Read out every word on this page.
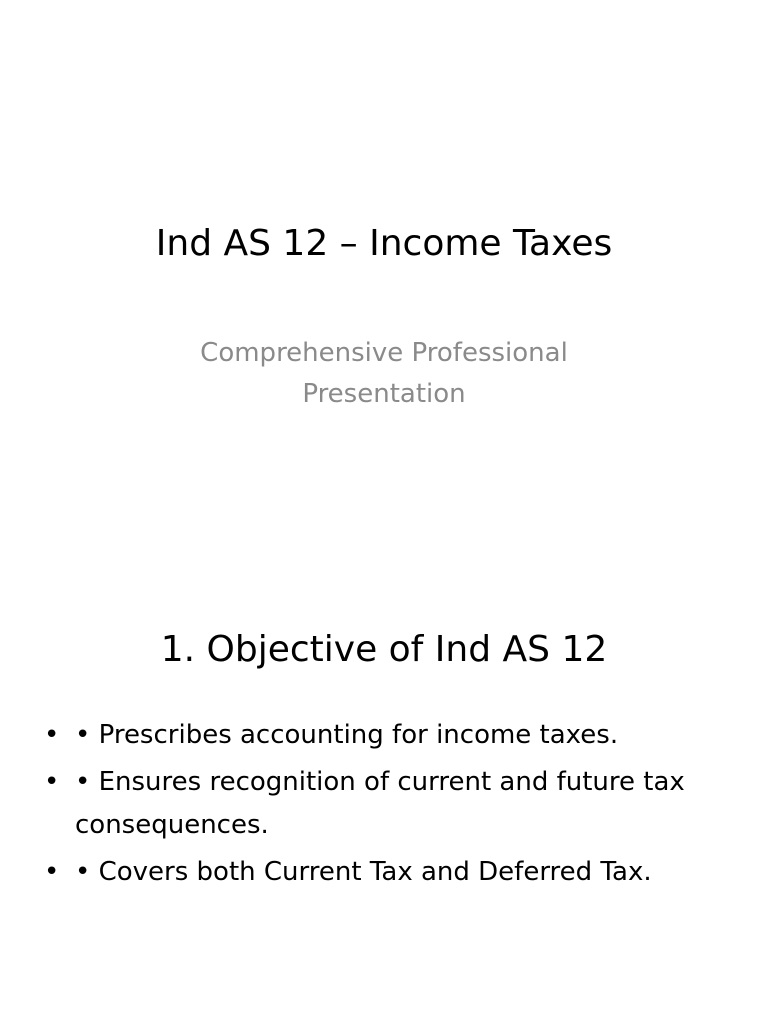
Ind AS 12 – Income Taxes
Comprehensive Professional
Presentation
1. Objective of Ind AS 12
• • Prescribes accounting for income taxes.
• • Ensures recognition of current and future tax consequences.
• • Covers both Current Tax and Deferred Tax.
